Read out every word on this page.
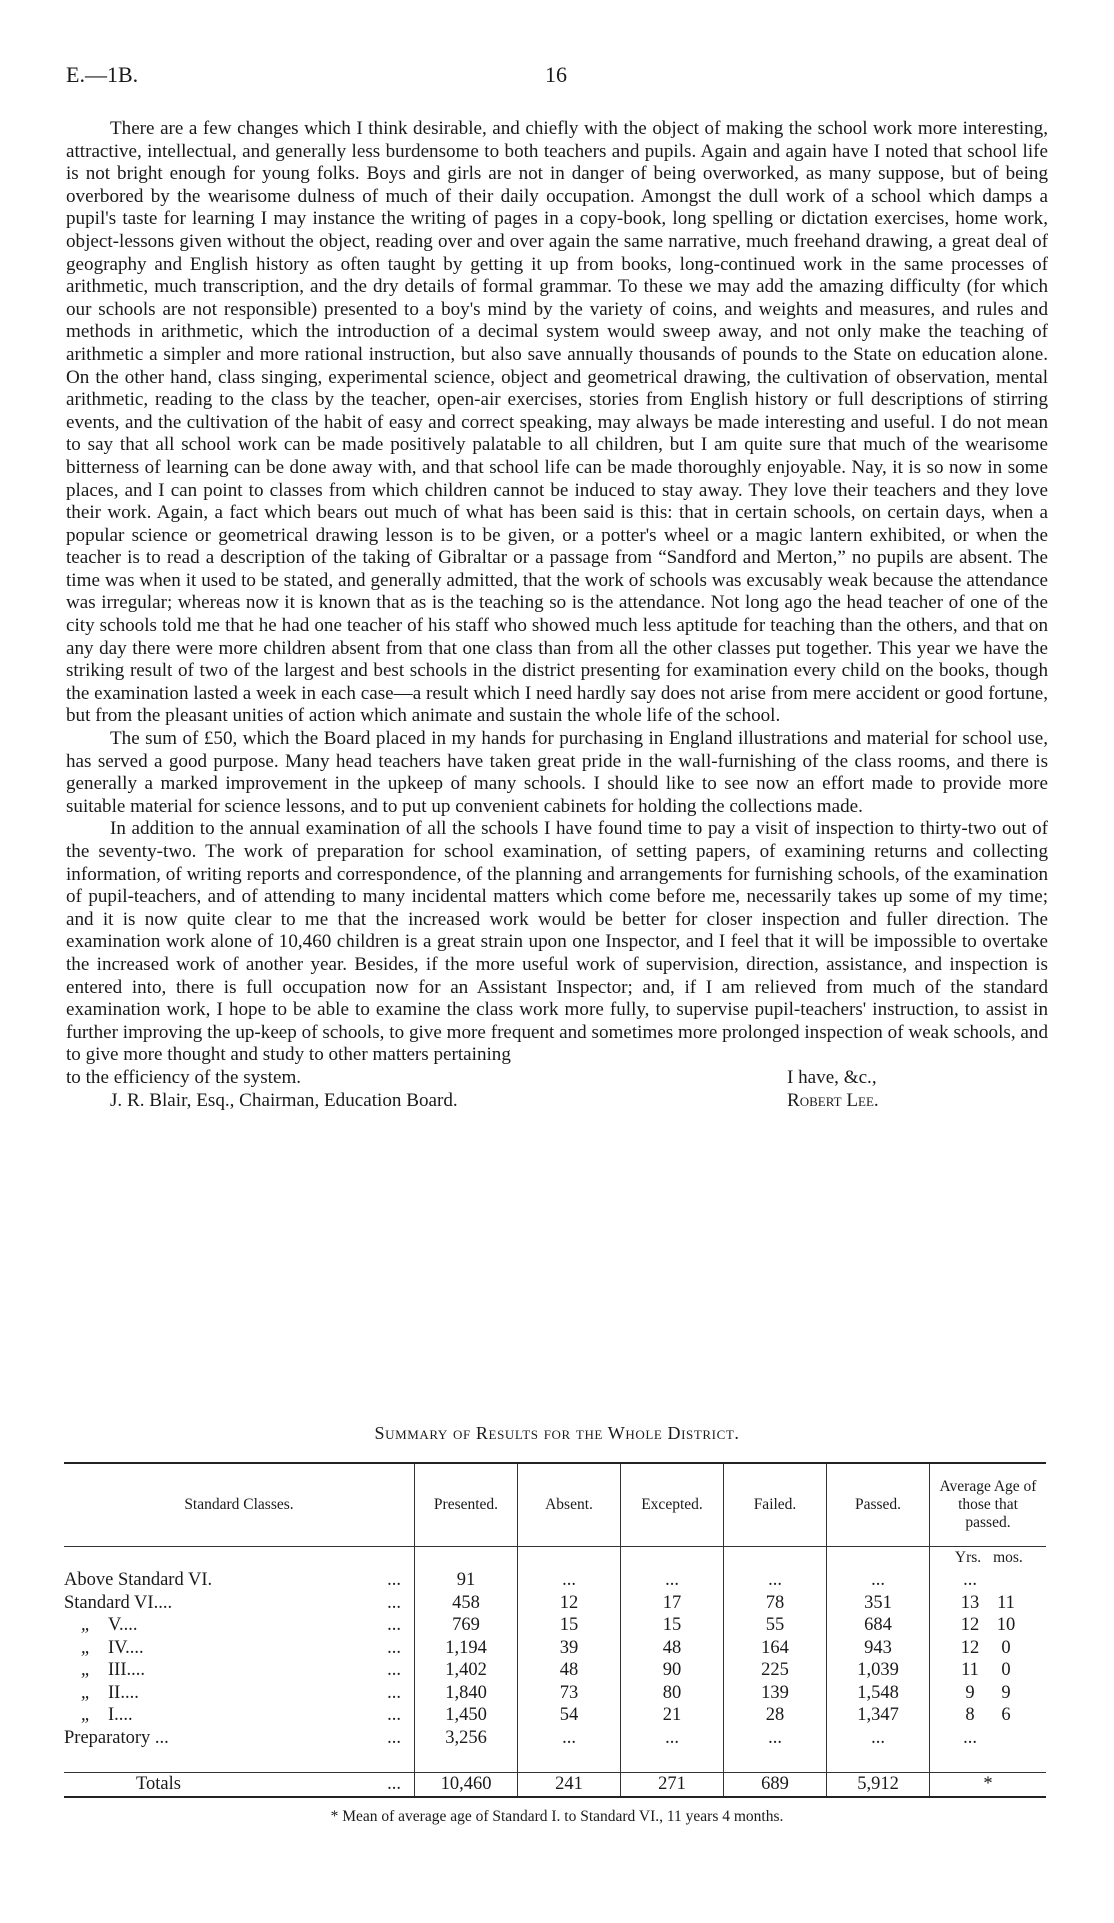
E.—1B.	16

There are a few changes which I think desirable, and chiefly with the object of making the school work more interesting, attractive, intellectual, and generally less burdensome to both teachers and pupils. Again and again have I noted that school life is not bright enough for young folks. Boys and girls are not in danger of being overworked, as many suppose, but of being overbored by the wearisome dulness of much of their daily occupation. Amongst the dull work of a school which damps a pupil's taste for learning I may instance the writing of pages in a copy-book, long spelling or dictation exercises, home work, object-lessons given without the object, reading over and over again the same narrative, much freehand drawing, a great deal of geography and English history as often taught by getting it up from books, long-continued work in the same processes of arithmetic, much transcription, and the dry details of formal grammar. To these we may add the amazing difficulty (for which our schools are not responsible) presented to a boy's mind by the variety of coins, and weights and measures, and rules and methods in arithmetic, which the introduction of a decimal system would sweep away, and not only make the teaching of arithmetic a simpler and more rational instruction, but also save annually thousands of pounds to the State on education alone. On the other hand, class singing, experimental science, object and geometrical drawing, the cultivation of observation, mental arithmetic, reading to the class by the teacher, open-air exercises, stories from English history or full descriptions of stirring events, and the cultivation of the habit of easy and correct speaking, may always be made interesting and useful. I do not mean to say that all school work can be made positively palatable to all children, but I am quite sure that much of the wearisome bitterness of learning can be done away with, and that school life can be made thoroughly enjoyable. Nay, it is so now in some places, and I can point to classes from which children cannot be induced to stay away. They love their teachers and they love their work. Again, a fact which bears out much of what has been said is this: that in certain schools, on certain days, when a popular science or geometrical drawing lesson is to be given, or a potter's wheel or a magic lantern exhibited, or when the teacher is to read a description of the taking of Gibraltar or a passage from “Sandford and Merton,” no pupils are absent. The time was when it used to be stated, and generally admitted, that the work of schools was excusably weak because the attendance was irregular; whereas now it is known that as is the teaching so is the attendance. Not long ago the head teacher of one of the city schools told me that he had one teacher of his staff who showed much less aptitude for teaching than the others, and that on any day there were more children absent from that one class than from all the other classes put together. This year we have the striking result of two of the largest and best schools in the district presenting for examination every child on the books, though the examination lasted a week in each case—a result which I need hardly say does not arise from mere accident or good fortune, but from the pleasant unities of action which animate and sustain the whole life of the school.

The sum of £50, which the Board placed in my hands for purchasing in England illustrations and material for school use, has served a good purpose. Many head teachers have taken great pride in the wall-furnishing of the class rooms, and there is generally a marked improvement in the upkeep of many schools. I should like to see now an effort made to provide more suitable material for science lessons, and to put up convenient cabinets for holding the collections made.

In addition to the annual examination of all the schools I have found time to pay a visit of inspection to thirty-two out of the seventy-two. The work of preparation for school examination, of setting papers, of examining returns and collecting information, of writing reports and correspondence, of the planning and arrangements for furnishing schools, of the examination of pupil-teachers, and of attending to many incidental matters which come before me, necessarily takes up some of my time; and it is now quite clear to me that the increased work would be better for closer inspection and fuller direction. The examination work alone of 10,460 children is a great strain upon one Inspector, and I feel that it will be impossible to overtake the increased work of another year. Besides, if the more useful work of supervision, direction, assistance, and inspection is entered into, there is full occupation now for an Assistant Inspector; and, if I am relieved from much of the standard examination work, I hope to be able to examine the class work more fully, to supervise pupil-teachers' instruction, to assist in further improving the up-keep of schools, to give more frequent and sometimes more prolonged inspection of weak schools, and to give more thought and study to other matters pertaining

to the efficiency of the system.	I have, &c.,
J. R. Blair, Esq., Chairman, Education Board.	Robert Lee.
Summary of Results for the Whole District.
Standard Classes.		Presented.	Absent.	Excepted.	Failed.	Passed.	Average Age of those that passed.
							Yrs. mos.
Above Standard VI.	...	91	...	...	...	...	...
Standard VI....	...	458	12	17	78	351	13 11
„ V....	...	769	15	15	55	684	12 10
„ IV....	...	1,194	39	48	164	943	12 0
„ III....	...	1,402	48	90	225	1,039	11 0
„ II....	...	1,840	73	80	139	1,548	9 9
„ I....	...	1,450	54	21	28	1,347	8 6
Preparatory ...	...	3,256	...	...	...	...	...

Totals	...	10,460	241	271	689	5,912	*
* Mean of average age of Standard I. to Standard VI., 11 years 4 months.
